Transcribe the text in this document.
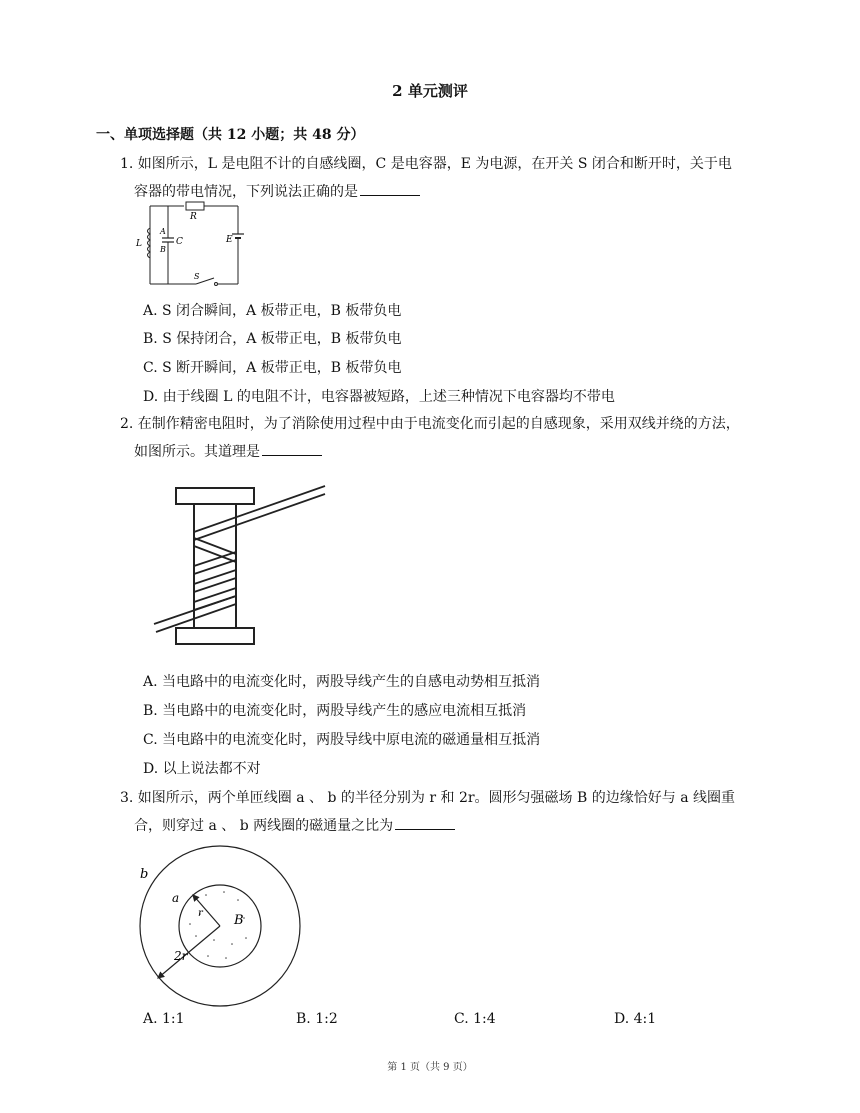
2 单元测评
一、单项选择题（共 12 小题；共 48 分）
1. 如图所示，L 是电阻不计的自感线圈，C 是电容器，E 为电源，在开关 S 闭合和断开时，关于电
容器的带电情况，下列说法正确的是
R
L
A
B
C	E
S
A. S 闭合瞬间，A 板带正电，B 板带负电
B. S 保持闭合，A 板带正电，B 板带负电
C. S 断开瞬间，A 板带正电，B 板带负电
D. 由于线圈 L 的电阻不计，电容器被短路，上述三种情况下电容器均不带电
2. 在制作精密电阻时，为了消除使用过程中由于电流变化而引起的自感现象，采用双线并绕的方法，
如图所示。其道理是
A. 当电路中的电流变化时，两股导线产生的自感电动势相互抵消
B. 当电路中的电流变化时，两股导线产生的感应电流相互抵消
C. 当电路中的电流变化时，两股导线中原电流的磁通量相互抵消
D. 以上说法都不对
3. 如图所示，两个单匝线圈 a 、 b 的半径分别为 r 和 2r。圆形匀强磁场 B 的边缘恰好与 a 线圈重
合，则穿过 a 、 b 两线圈的磁通量之比为
b
a
r B
2r
A. 1:1	B. 1:2	C. 1:4	D. 4:1
第 1 页（共 9 页）
